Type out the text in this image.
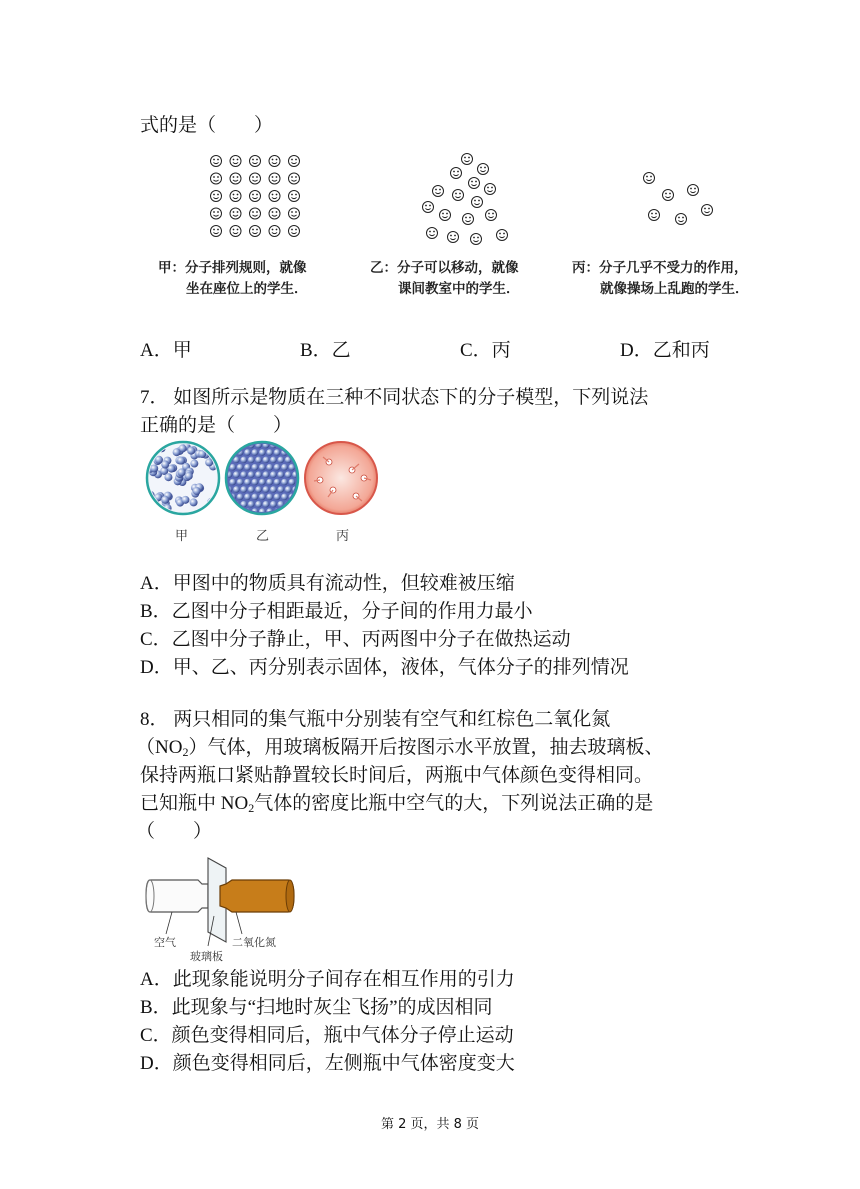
式的是（　　）
甲：分子排列规则，就像
坐在座位上的学生．
乙：分子可以移动，就像
课间教室中的学生．
丙：分子几乎不受力的作用，
就像操场上乱跑的学生．
A．甲	B．乙	C．丙	D．乙和丙
7． 如图所示是物质在三种不同状态下的分子模型，下列说法
正确的是（　　）
甲	乙	丙
A．甲图中的物质具有流动性，但较难被压缩
B．乙图中分子相距最近，分子间的作用力最小
C．乙图中分子静止，甲、丙两图中分子在做热运动
D．甲、乙、丙分别表示固体，液体，气体分子的排列情况
8． 两只相同的集气瓶中分别装有空气和红棕色二氧化氮
$(NO_2)$气体，用玻璃板隔开后按图示水平放置，抽去玻璃板、
保持两瓶口紧贴静置较长时间后，两瓶中气体颜色变得相同。
已知瓶中 $NO_2$气体的密度比瓶中空气的大，下列说法正确的是
（　　）
空气
玻璃板
二氧化氮
A．此现象能说明分子间存在相互作用的引力
B．此现象与“扫地时灰尘飞扬”的成因相同
C．颜色变得相同后，瓶中气体分子停止运动
D．颜色变得相同后，左侧瓶中气体密度变大
第 2 页，共 8 页
